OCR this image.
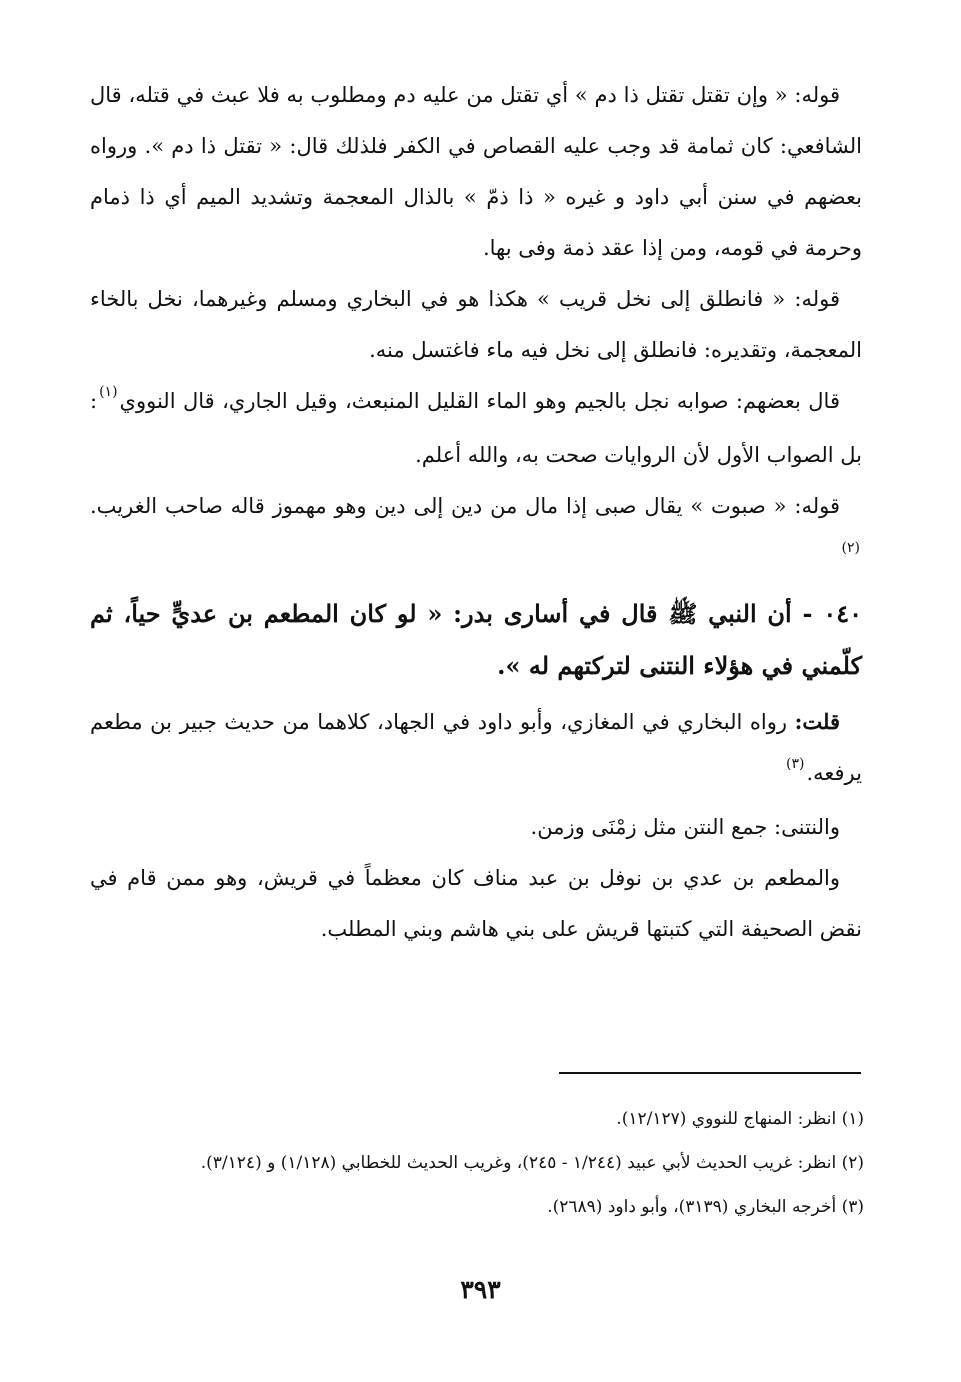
قوله: « وإن تقتل تقتل ذا دم » أي تقتل من عليه دم ومطلوب به فلا عبث في قتله، قال الشافعي: كان ثمامة قد وجب عليه القصاص في الكفر فلذلك قال: « تقتل ذا دم ». ورواه بعضهم في سنن أبي داود و غيره « ذا ذمّ » بالذال المعجمة وتشديد الميم أي ذا ذمام وحرمة في قومه، ومن إذا عقد ذمة وفى بها.

قوله: « فانطلق إلى نخل قريب » هكذا هو في البخاري ومسلم وغيرهما، نخل بالخاء المعجمة، وتقديره: فانطلق إلى نخل فيه ماء فاغتسل منه.

قال بعضهم: صوابه نجل بالجيم وهو الماء القليل المنبعث، وقيل الجاري، قال النووي$^{(١)}$: بل الصواب الأول لأن الروايات صحت به، والله أعلم.

قوله: « صبوت » يقال صبى إذا مال من دين إلى دين وهو مهموز قاله صاحب الغريب.$^{(٢)}$

٠٤٠ - أن النبي ﷺ قال في أسارى بدر: « لو كان المطعم بن عديٍّ حياً، ثم كلّمني في هؤلاء النتنى لتركتهم له ».

قلت: رواه البخاري في المغازي، وأبو داود في الجهاد، كلاهما من حديث جبير بن مطعم يرفعه.$^{(٣)}$

والنتنى: جمع النتن مثل زمْنَى وزمن.

والمطعم بن عدي بن نوفل بن عبد مناف كان معظماً في قريش، وهو ممن قام في نقض الصحيفة التي كتبتها قريش على بني هاشم وبني المطلب.

(١) انظر: المنهاج للنووي (١٢/١٢٧).

(٢) انظر: غريب الحديث لأبي عبيد (١/٢٤٤ - ٢٤٥)، وغريب الحديث للخطابي (١/١٢٨) و (٣/١٢٤).

(٣) أخرجه البخاري (٣١٣٩)، وأبو داود (٢٦٨٩).

٣٩٣
